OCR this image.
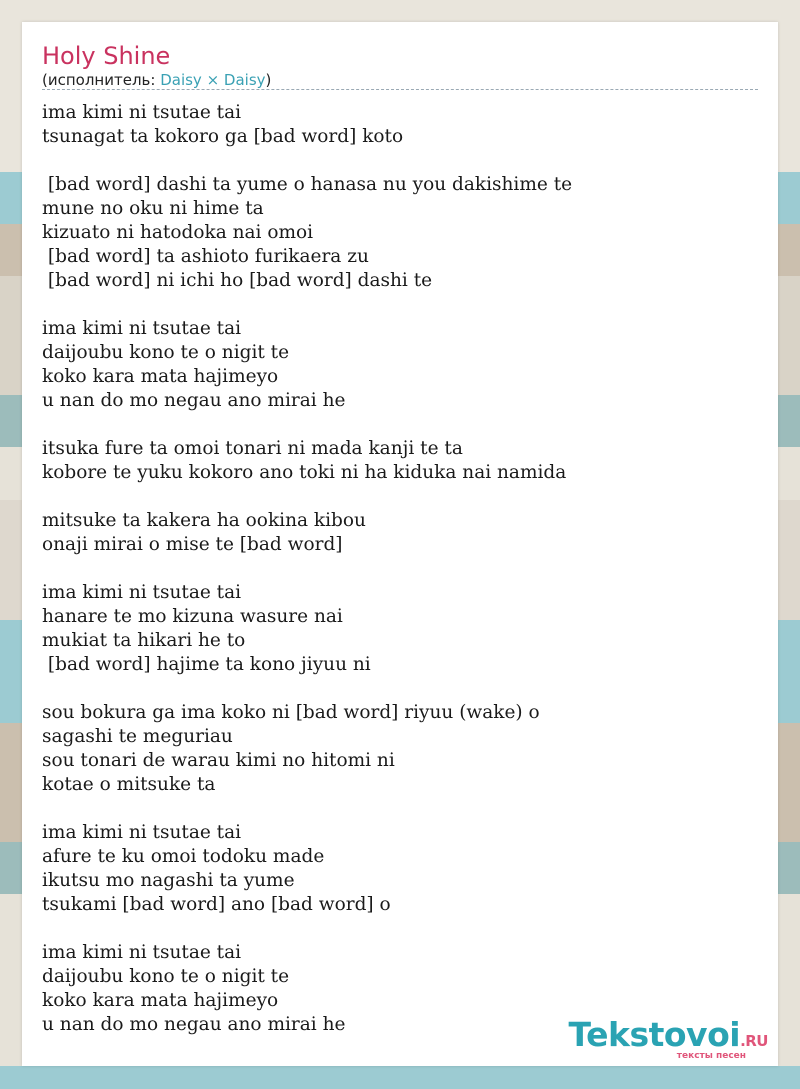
Holy Shine
(исполнитель: Daisy × Daisy)
ima kimi ni tsutae tai
tsunagat ta kokoro ga [bad word] koto
[bad word] dashi ta yume o hanasa nu you dakishime te
mune no oku ni hime ta
kizuato ni hatodoka nai omoi
[bad word] ta ashioto furikaera zu
[bad word] ni ichi ho [bad word] dashi te
ima kimi ni tsutae tai
daijoubu kono te o nigit te
koko kara mata hajimeyo
u nan do mo negau ano mirai he
itsuka fure ta omoi tonari ni mada kanji te ta
kobore te yuku kokoro ano toki ni ha kiduka nai namida
mitsuke ta kakera ha ookina kibou
onaji mirai o mise te [bad word]
ima kimi ni tsutae tai
hanare te mo kizuna wasure nai
mukiat ta hikari he to
[bad word] hajime ta kono jiyuu ni
sou bokura ga ima koko ni [bad word] riyuu (wake) o
sagashi te meguriau
sou tonari de warau kimi no hitomi ni
kotae o mitsuke ta
ima kimi ni tsutae tai
afure te ku omoi todoku made
ikutsu mo nagashi ta yume
tsukami [bad word] ano [bad word] o
ima kimi ni tsutae tai
daijoubu kono te o nigit te
koko kara mata hajimeyo
u nan do mo negau ano mirai he	Tekstovoi.RU
тексты песен
